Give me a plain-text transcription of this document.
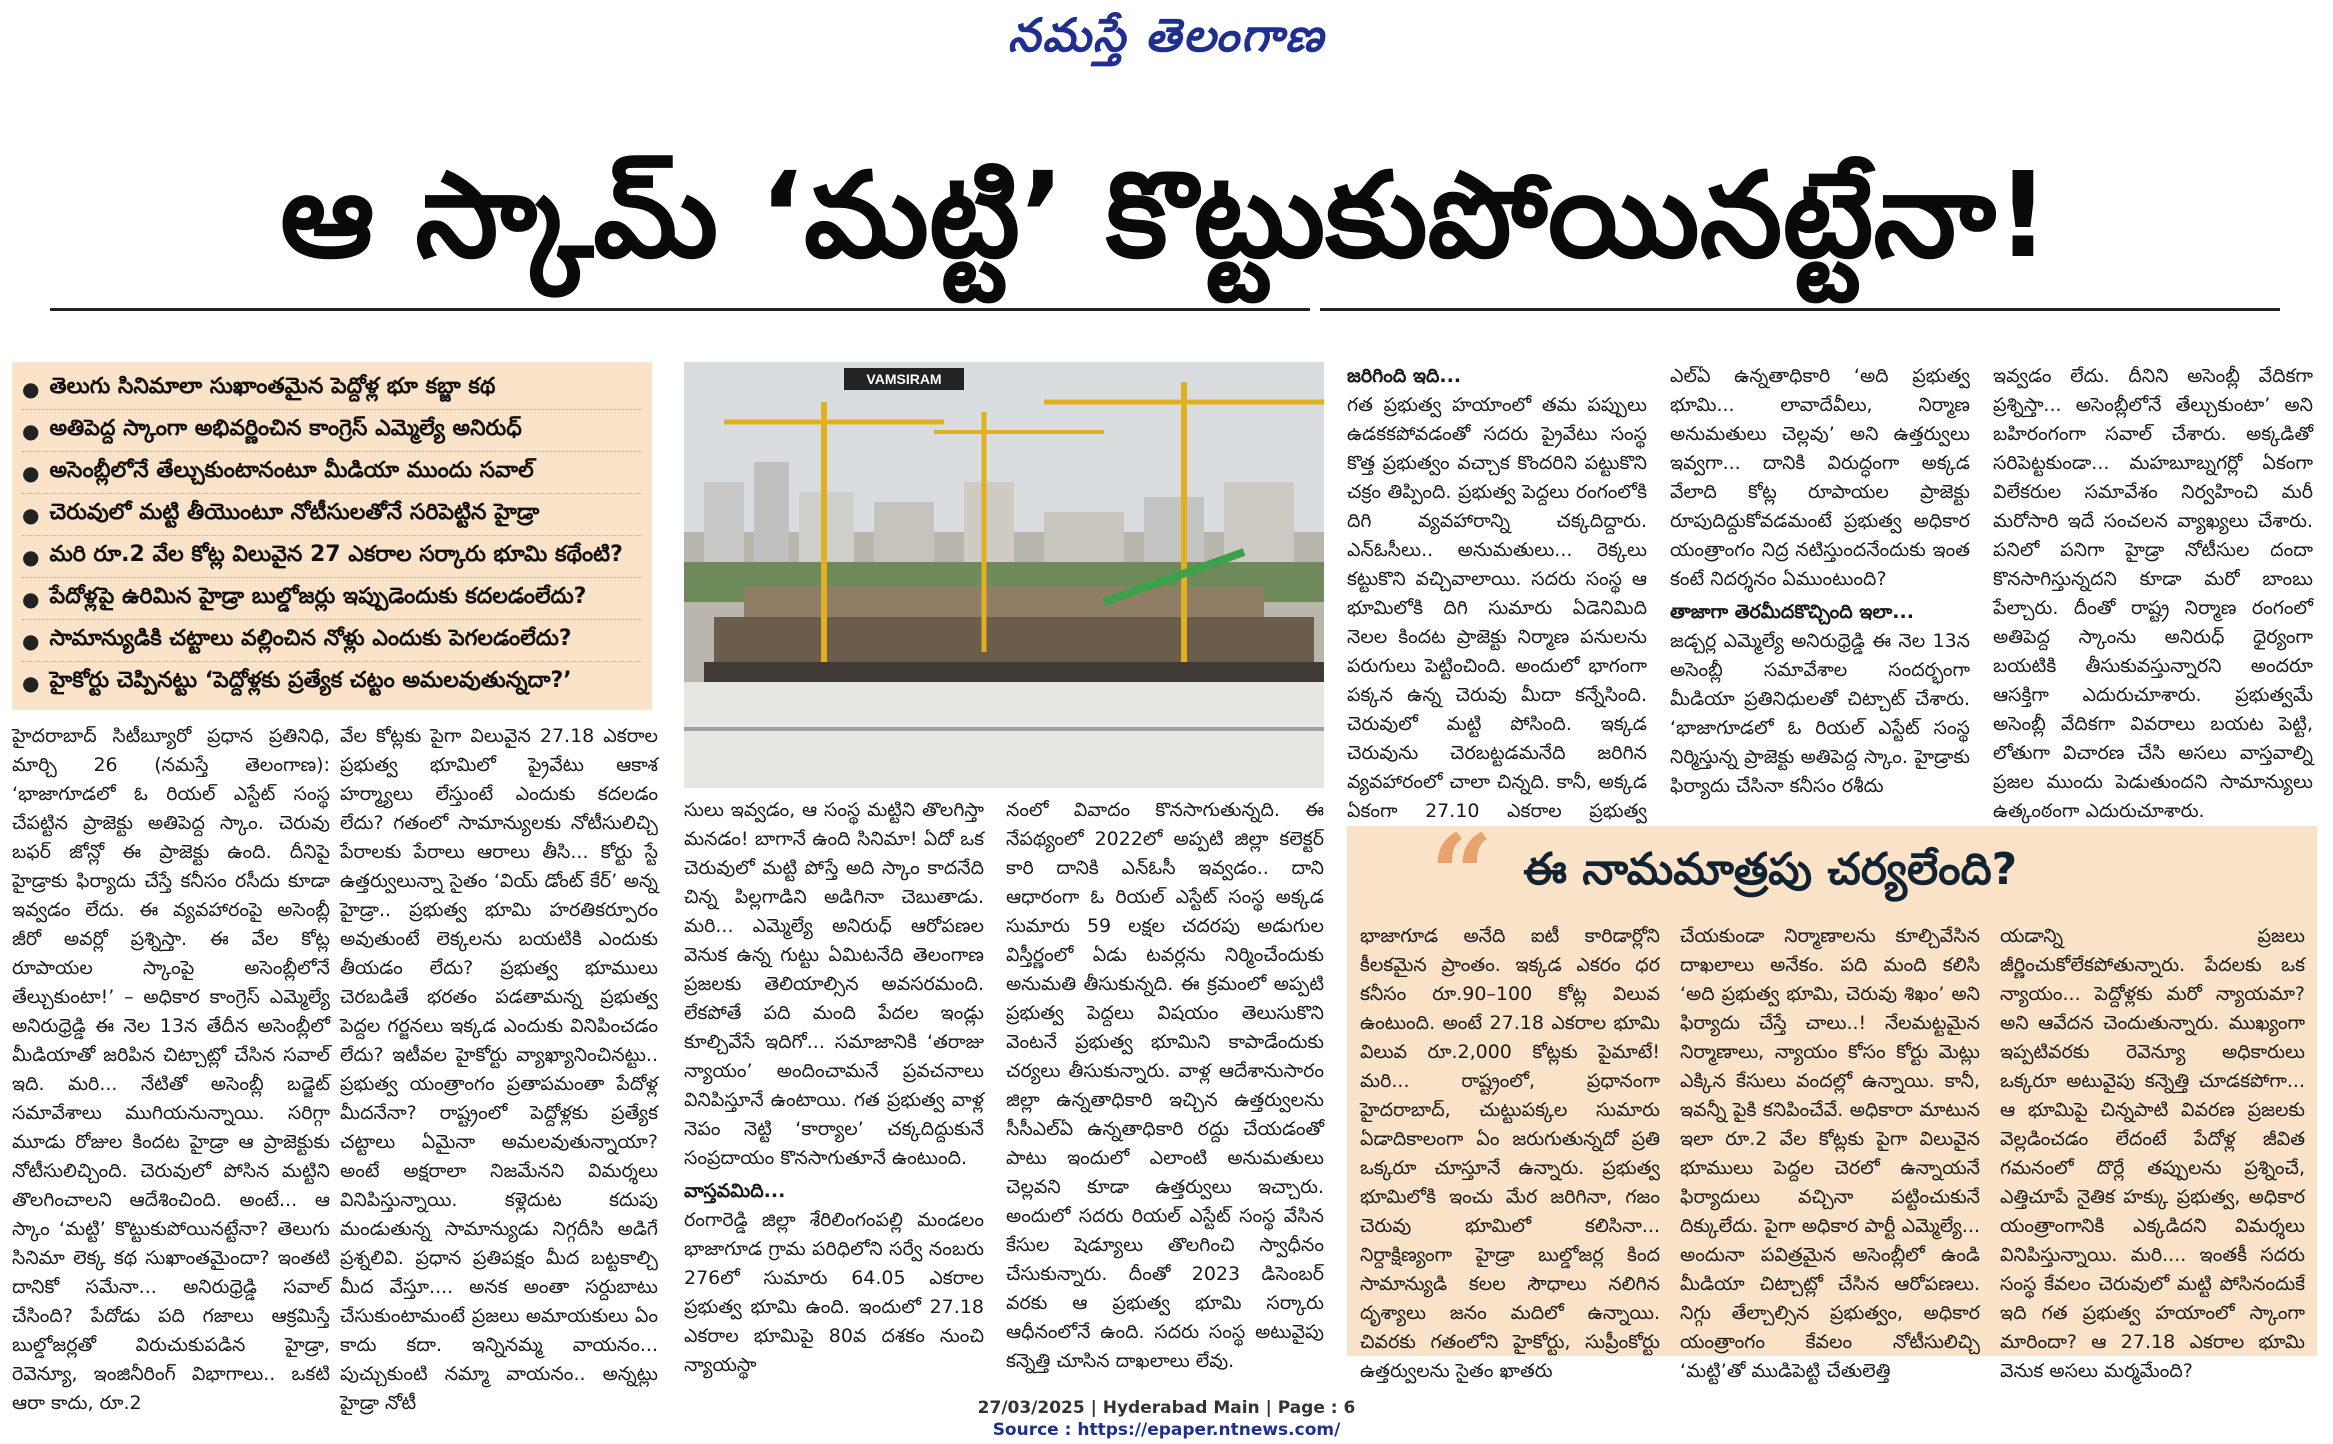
నమస్తే తెలంగాణ
ఆ స్కామ్ ‘మట్టి’ కొట్టుకుపోయినట్టేనా!
● తెలుగు సినిమాలా సుఖాంతమైన పెద్దోళ్ల భూ కబ్జా కథ
● అతిపెద్ద స్కాంగా అభివర్ణించిన కాంగ్రెస్ ఎమ్మెల్యే అనిరుధ్
● అసెంబ్లీలోనే తేల్చుకుంటానంటూ మీడియా ముందు సవాల్
● చెరువులో మట్టి తీయొంటూ నోటీసులతోనే సరిపెట్టిన హైడ్రా
● మరి రూ.2 వేల కోట్ల విలువైన 27 ఎకరాల సర్కారు భూమి కథేంటి?
● పేదోళ్లపై ఉరిమిన హైడ్రా బుల్డోజర్లు ఇప్పుడెందుకు కదలడంలేదు?
● సామాన్యుడికి చట్టాలు వల్లించిన నోళ్లు ఎందుకు పెగలడంలేదు?
● హైకోర్టు చెప్పినట్టు ‘పెద్దోళ్లకు ప్రత్యేక చట్టం అమలవుతున్నదా?’
VAMSIRAM

హైదరాబాద్ సిటీబ్యూరో ప్రధాన ప్రతినిధి, మార్చి 26 (నమస్తే తెలంగాణ): ‘భాజాగూడలో ఓ రియల్ ఎస్టేట్ సంస్థ చేపట్టిన ప్రాజెక్టు అతిపెద్ద స్కాం. చెరువు బఫర్ జోన్లో ఈ ప్రాజెక్టు ఉంది. దీనిపై హైడ్రాకు ఫిర్యాదు చేస్తే కనీసం రసీదు కూడా ఇవ్వడం లేదు. ఈ వ్యవహారంపై అసెంబ్లీ జీరో అవర్లో ప్రశ్నిస్తా. ఈ వేల కోట్ల రూపాయల స్కాంపై అసెంబ్లీలోనే తేల్చుకుంటా!’ – అధికార కాంగ్రెస్ ఎమ్మెల్యే అనిరుధ్రెడ్డి ఈ నెల 13న తేదీన అసెంబ్లీలో మీడియాతో జరిపిన చిట్చాట్లో చేసిన సవాల్ ఇది. మరి... నేటితో అసెంబ్లీ బడ్జెట్ సమావేశాలు ముగియనున్నాయి. సరిగ్గా మూడు రోజుల కిందట హైడ్రా ఆ ప్రాజెక్టుకు నోటీసులిచ్చింది. చెరువులో పోసిన మట్టిని తొలగించాలని ఆదేశించింది. అంటే... ఆ స్కాం ‘మట్టి’ కొట్టుకుపోయినట్టేనా? తెలుగు సినిమా లెక్క కథ సుఖాంతమైందా? ఇంతటి దానికో సమేనా... అనిరుధ్రెడ్డి సవాల్ చేసింది? పేదోడు పది గజాలు ఆక్రమిస్తే బుల్డోజర్లతో విరుచుకుపడిన హైడ్రా, రెవెన్యూ, ఇంజినీరింగ్ విభాగాలు.. ఒకటి ఆరా కాదు, రూ.2

వేల కోట్లకు పైగా విలువైన 27.18 ఎకరాల ప్రభుత్వ భూమిలో ప్రైవేటు ఆకాశ హర్మ్యాలు లేస్తుంటే ఎందుకు కదలడం లేదు? గతంలో సామాన్యులకు నోటీసులిచ్చి పేరాలకు పేరాలు ఆరాలు తీసి... కోర్టు స్టే ఉత్తర్వులున్నా సైతం ‘వియ్ డోంట్ కేర్’ అన్న హైడ్రా.. ప్రభుత్వ భూమి హరతికర్పూరం అవుతుంటే లెక్కలను బయటికి ఎందుకు తీయడం లేదు? ప్రభుత్వ భూములు చెరబడితే భరతం పడతామన్న ప్రభుత్వ పెద్దల గర్జనలు ఇక్కడ ఎందుకు వినిపించడం లేదు? ఇటీవల హైకోర్టు వ్యాఖ్యానించినట్టు.. ప్రభుత్వ యంత్రాంగం ప్రతాపమంతా పేదోళ్ల మీదనేనా? రాష్ట్రంలో పెద్దోళ్లకు ప్రత్యేక చట్టాలు ఏమైనా అమలవుతున్నాయా? అంటే అక్షరాలా నిజమేనని విమర్శలు వినిపిస్తున్నాయి. కళ్లెదుట కదుపు మండుతున్న సామాన్యుడు నిగ్గదీసి అడిగే ప్రశ్నలివి. ప్రధాన ప్రతిపక్షం మీద బట్టకాల్చి మీద వేస్తూ.... అనక అంతా సర్దుబాటు చేసుకుంటామంటే ప్రజలు అమాయకులు ఏం కాదు కదా. ఇన్నినమ్మ వాయనం... పుచ్చుకుంటి నమ్మా వాయనం.. అన్నట్లు హైడ్రా నోటీ

సులు ఇవ్వడం, ఆ సంస్థ మట్టిని తొలగిస్తా మనడం! బాగానే ఉంది సినిమా! ఏదో ఒక చెరువులో మట్టి పోస్తే అది స్కాం కాదనేది చిన్న పిల్లగాడిని అడిగినా చెబుతాడు. మరి... ఎమ్మెల్యే అనిరుధ్ ఆరోపణల వెనుక ఉన్న గుట్టు ఏమిటనేది తెలంగాణ ప్రజలకు తెలియాల్సిన అవసరమంది. లేకపోతే పది మంది పేదల ఇండ్లు కూల్చివేసే ఇదిగో... సమాజానికి ‘తరాజు న్యాయం’ అందించామనే ప్రవచనాలు వినిపిస్తూనే ఉంటాయి. గత ప్రభుత్వ వాళ్ల నెపం నెట్టి ‘కార్యాల’ చక్కదిద్దుకునే సంప్రదాయం కొనసాగుతూనే ఉంటుంది.

వాస్తవమిది...

రంగారెడ్డి జిల్లా శేరిలింగంపల్లి మండలం భాజాగూడ గ్రామ పరిధిలోని సర్వే నంబరు 276లో సుమారు 64.05 ఎకరాల ప్రభుత్వ భూమి ఉంది. ఇందులో 27.18 ఎకరాల భూమిపై 80వ దశకం నుంచి న్యాయస్థా

నంలో వివాదం కొనసాగుతున్నది. ఈ నేపథ్యంలో 2022లో అప్పటి జిల్లా కలెక్టర్ కారి దానికి ఎన్ఓసీ ఇవ్వడం.. దాని ఆధారంగా ఓ రియల్ ఎస్టేట్ సంస్థ అక్కడ సుమారు 59 లక్షల చదరపు అడుగుల విస్తీర్ణంలో ఏడు టవర్లను నిర్మించేందుకు అనుమతి తీసుకున్నది. ఈ క్రమంలో అప్పటి ప్రభుత్వ పెద్దలు విషయం తెలుసుకొని వెంటనే ప్రభుత్వ భూమిని కాపాడేందుకు చర్యలు తీసుకున్నారు. వాళ్ల ఆదేశానుసారం జిల్లా ఉన్నతాధికారి ఇచ్చిన ఉత్తర్వులను సీసీఎల్ఏ ఉన్నతాధికారి రద్దు చేయడంతో పాటు ఇందులో ఎలాంటి అనుమతులు చెల్లవని కూడా ఉత్తర్వులు ఇచ్చారు. అందులో సదరు రియల్ ఎస్టేట్ సంస్థ వేసిన కేసుల షెడ్యూలు తొలగించి స్వాధీనం చేసుకున్నారు. దీంతో 2023 డిసెంబర్ వరకు ఆ ప్రభుత్వ భూమి సర్కారు ఆధీనంలోనే ఉంది. సదరు సంస్థ అటువైపు కన్నెత్తి చూసిన దాఖలాలు లేవు.

జరిగింది ఇది...

గత ప్రభుత్వ హయాంలో తమ పప్పులు ఉడకకపోవడంతో సదరు ప్రైవేటు సంస్థ కొత్త ప్రభుత్వం వచ్చాక కొందరిని పట్టుకొని చక్రం తిప్పింది. ప్రభుత్వ పెద్దలు రంగంలోకి దిగి వ్యవహారాన్ని చక్కదిద్దారు. ఎన్ఓసీలు.. అనుమతులు... రెక్కలు కట్టుకొని వచ్చివాలాయి. సదరు సంస్థ ఆ భూమిలోకి దిగి సుమారు ఏడెనిమిది నెలల కిందట ప్రాజెక్టు నిర్మాణ పనులను పరుగులు పెట్టించింది. అందులో భాగంగా పక్కన ఉన్న చెరువు మీదా కన్నేసింది. చెరువులో మట్టి పోసింది. ఇక్కడ చెరువును చెరబట్టడమనేది జరిగిన వ్యవహారంలో చాలా చిన్నది. కానీ, అక్కడ ఏకంగా 27.10 ఎకరాల ప్రభుత్వ

ఎల్ఏ ఉన్నతాధికారి ‘అది ప్రభుత్వ భూమి... లావాదేవీలు, నిర్మాణ అనుమతులు చెల్లవు’ అని ఉత్తర్వులు ఇవ్వగా... దానికి విరుద్ధంగా అక్కడ వేలాది కోట్ల రూపాయల ప్రాజెక్టు రూపుదిద్దుకోవడమంటే ప్రభుత్వ అధికార యంత్రాంగం నిద్ర నటిస్తుందనేందుకు ఇంత కంటే నిదర్శనం ఏముంటుంది?

తాజాగా తెరమీదకొచ్చింది ఇలా...

జడ్చర్ల ఎమ్మెల్యే అనిరుధ్రెడ్డి ఈ నెల 13న అసెంబ్లీ సమావేశాల సందర్భంగా మీడియా ప్రతినిధులతో చిట్చాట్ చేశారు. ‘భాజాగూడలో ఓ రియల్ ఎస్టేట్ సంస్థ నిర్మిస్తున్న ప్రాజెక్టు అతిపెద్ద స్కాం. హైడ్రాకు ఫిర్యాదు చేసినా కనీసం రశీదు

ఇవ్వడం లేదు. దీనిని అసెంబ్లీ వేదికగా ప్రశ్నిస్తా... అసెంబ్లీలోనే తేల్చుకుంటా’ అని బహిరంగంగా సవాల్ చేశారు. అక్కడితో సరిపెట్టకుండా... మహబూబ్నగర్లో ఏకంగా విలేకరుల సమావేశం నిర్వహించి మరీ మరోసారి ఇదే సంచలన వ్యాఖ్యలు చేశారు. పనిలో పనిగా హైడ్రా నోటీసుల దందా కొనసాగిస్తున్నదని కూడా మరో బాంబు పేల్చారు. దీంతో రాష్ట్ర నిర్మాణ రంగంలో అతిపెద్ద స్కాంను అనిరుధ్ ధైర్యంగా బయటికి తీసుకువస్తున్నారని అందరూ ఆసక్తిగా ఎదురుచూశారు. ప్రభుత్వమే అసెంబ్లీ వేదికగా వివరాలు బయట పెట్టి, లోతుగా విచారణ చేసి అసలు వాస్తవాల్ని ప్రజల ముందు పెడుతుందని సామాన్యులు ఉత్కంఠంగా ఎదురుచూశారు.

“ ఈ నామమాత్రపు చర్యలేంది?

భాజాగూడ అనేది ఐటీ కారిడార్లోని కీలకమైన ప్రాంతం. ఇక్కడ ఎకరం ధర కనీసం రూ.90–100 కోట్ల విలువ ఉంటుంది. అంటే 27.18 ఎకరాల భూమి విలువ రూ.2,000 కోట్లకు పైమాటే! మరి... రాష్ట్రంలో, ప్రధానంగా హైదరాబాద్, చుట్టుపక్కల సుమారు ఏడాదికాలంగా ఏం జరుగుతున్నదో ప్రతి ఒక్కరూ చూస్తూనే ఉన్నారు. ప్రభుత్వ భూమిలోకి ఇంచు మేర జరిగినా, గజం చెరువు భూమిలో కలిసినా... నిర్దాక్షిణ్యంగా హైడ్రా బుల్డోజర్ల కింద సామాన్యుడి కలల సౌధాలు నలిగిన దృశ్యాలు జనం మదిలో ఉన్నాయి. చివరకు గతంలోని హైకోర్టు, సుప్రీంకోర్టు ఉత్తర్వులను సైతం ఖాతరు

చేయకుండా నిర్మాణాలను కూల్చివేసిన దాఖలాలు అనేకం. పది మంది కలిసి ‘అది ప్రభుత్వ భూమి, చెరువు శిఖం’ అని ఫిర్యాదు చేస్తే చాలు..! నేలమట్టమైన నిర్మాణాలు, న్యాయం కోసం కోర్టు మెట్లు ఎక్కిన కేసులు వందల్లో ఉన్నాయి. కానీ, ఇవన్నీ పైకి కనిపించేవే. అధికారా మాటున ఇలా రూ.2 వేల కోట్లకు పైగా విలువైన భూములు పెద్దల చెరలో ఉన్నాయనే ఫిర్యాదులు వచ్చినా పట్టించుకునే దిక్కులేదు. పైగా అధికార పార్టీ ఎమ్మెల్యే... అందునా పవిత్రమైన అసెంబ్లీలో ఉండి మీడియా చిట్చాట్లో చేసిన ఆరోపణలు. నిగ్గు తేల్చాల్సిన ప్రభుత్వం, అధికార యంత్రాంగం కేవలం నోటీసులిచ్చి ‘మట్టి’తో ముడిపెట్టి చేతులెత్తి

యడాన్ని ప్రజలు జీర్ణించుకోలేకపోతున్నారు. పేదలకు ఒక న్యాయం... పెద్దోళ్లకు మరో న్యాయమా? అని ఆవేదన చెందుతున్నారు. ముఖ్యంగా ఇప్పటివరకు రెవెన్యూ అధికారులు ఒక్కరూ అటువైపు కన్నెత్తి చూడకపోగా... ఆ భూమిపై చిన్నపాటి వివరణ ప్రజలకు వెల్లడించడం లేదంటే పేదోళ్ల జీవిత గమనంలో దొర్లే తప్పులను ప్రశ్నించే, ఎత్తిచూపే నైతిక హక్కు ప్రభుత్వ, అధికార యంత్రాంగానికి ఎక్కడిదని విమర్శలు వినిపిస్తున్నాయి. మరి.... ఇంతకీ సదరు సంస్థ కేవలం చెరువులో మట్టి పోసినందుకే ఇది గత ప్రభుత్వ హయాంలో స్కాంగా మారిందా? ఆ 27.18 ఎకరాల భూమి వెనుక అసలు మర్మమేంది?

27/03/2025 | Hyderabad Main | Page : 6
Source : https://epaper.ntnews.com/
